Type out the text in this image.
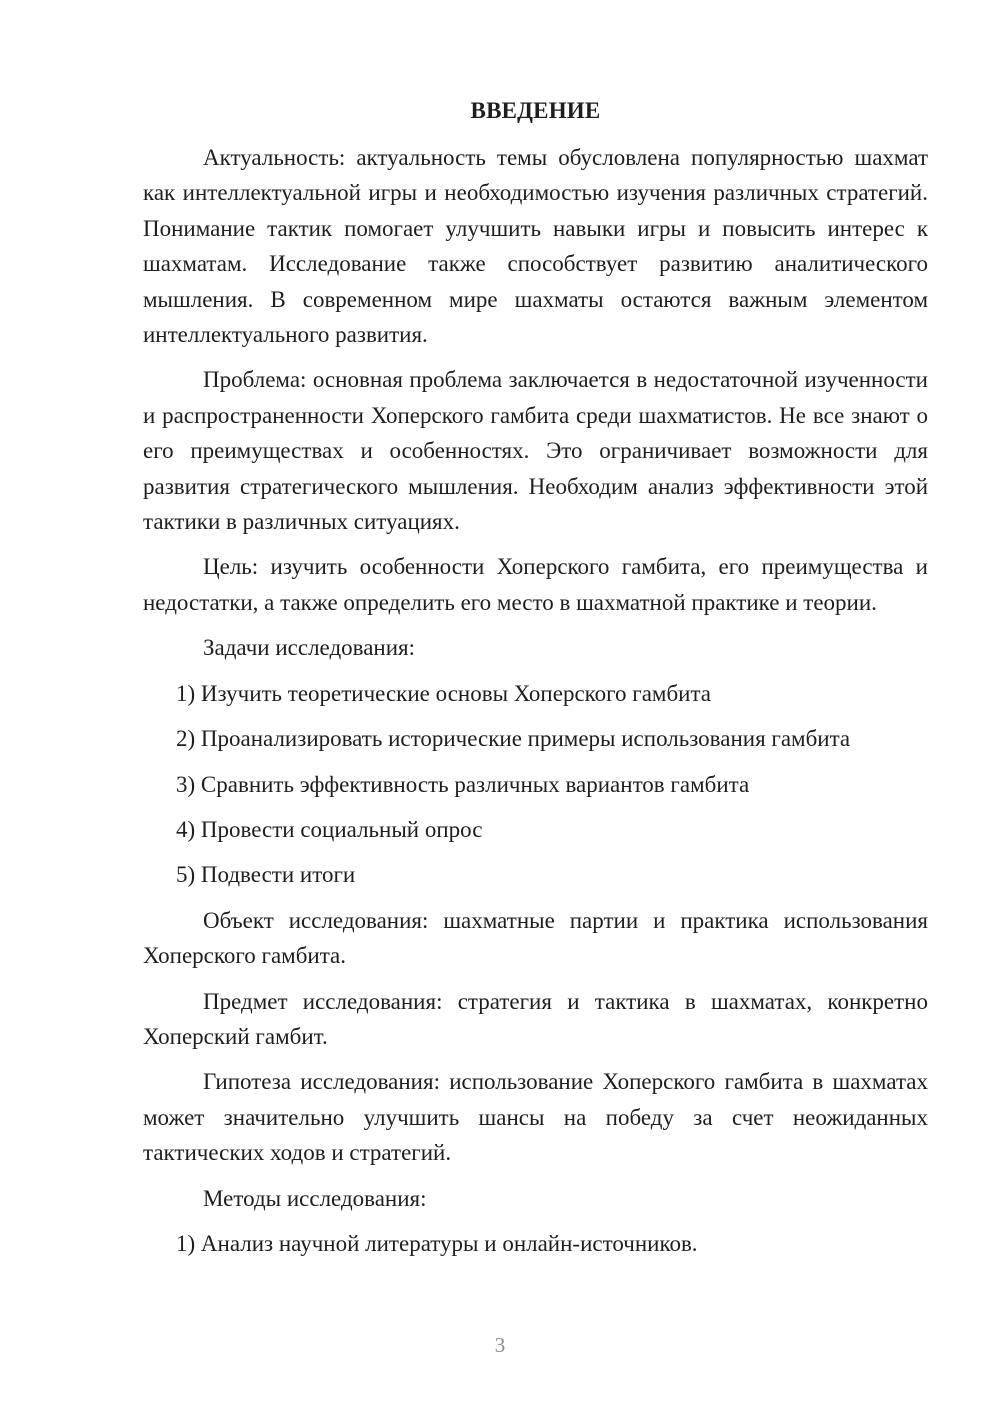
ВВЕДЕНИЕ

Актуальность: актуальность темы обусловлена популярностью шахмат как интеллектуальной игры и необходимостью изучения различных стратегий. Понимание тактик помогает улучшить навыки игры и повысить интерес к шахматам. Исследование также способствует развитию аналитического мышления. В современном мире шахматы остаются важным элементом интеллектуального развития.

Проблема: основная проблема заключается в недостаточной изученности и распространенности Хоперского гамбита среди шахматистов. Не все знают о его преимуществах и особенностях. Это ограничивает возможности для развития стратегического мышления. Необходим анализ эффективности этой тактики в различных ситуациях.

Цель: изучить особенности Хоперского гамбита, его преимущества и недостатки, а также определить его место в шахматной практике и теории.

Задачи исследования:

1) Изучить теоретические основы Хоперского гамбита
2) Проанализировать исторические примеры использования гамбита
3) Сравнить эффективность различных вариантов гамбита
4) Провести социальный опрос
5) Подвести итоги

Объект исследования: шахматные партии и практика использования Хоперского гамбита.

Предмет исследования: стратегия и тактика в шахматах, конкретно Хоперский гамбит.

Гипотеза исследования: использование Хоперского гамбита в шахматах может значительно улучшить шансы на победу за счет неожиданных тактических ходов и стратегий.

Методы исследования:

1) Анализ научной литературы и онлайн-источников.
3
